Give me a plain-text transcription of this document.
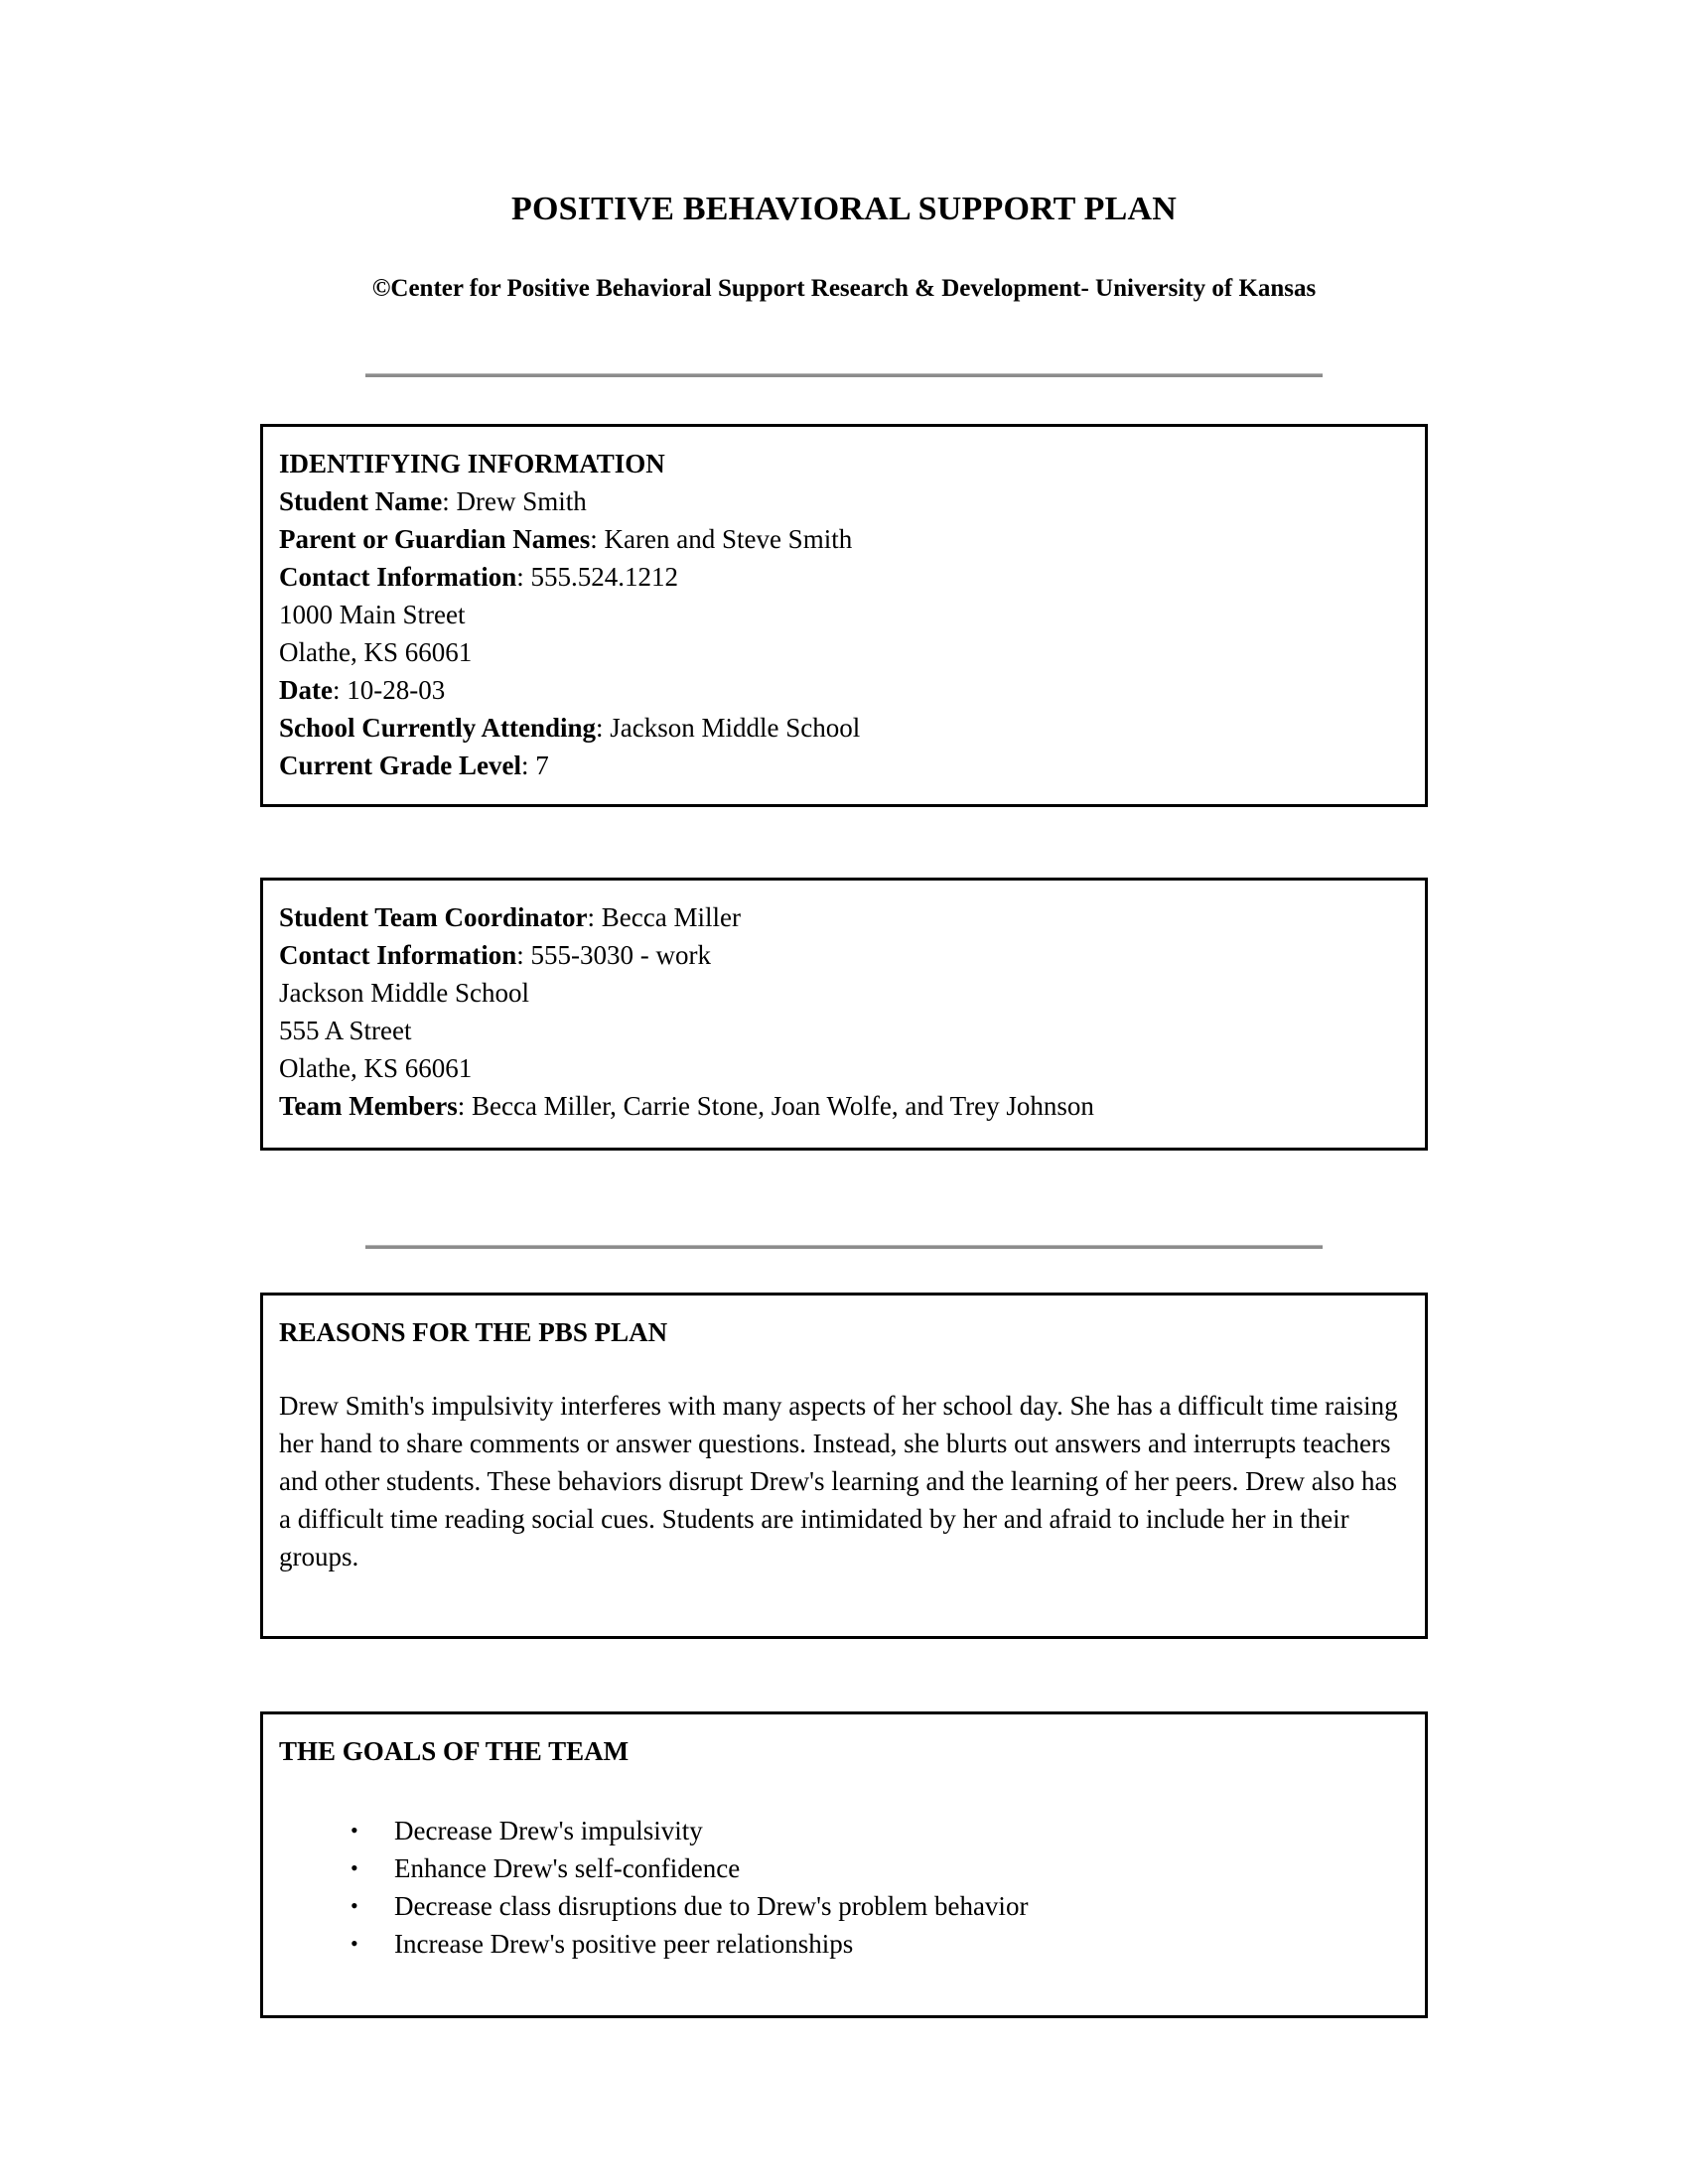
POSITIVE BEHAVIORAL SUPPORT PLAN
©Center for Positive Behavioral Support Research & Development- University of Kansas
IDENTIFYING INFORMATION
Student Name: Drew Smith
Parent or Guardian Names: Karen and Steve Smith
Contact Information: 555.524.1212
1000 Main Street
Olathe, KS 66061
Date: 10-28-03
School Currently Attending: Jackson Middle School
Current Grade Level: 7
Student Team Coordinator: Becca Miller
Contact Information: 555-3030 - work
Jackson Middle School
555 A Street
Olathe, KS 66061
Team Members: Becca Miller, Carrie Stone, Joan Wolfe, and Trey Johnson
REASONS FOR THE PBS PLAN

Drew Smith's impulsivity interferes with many aspects of her school day. She has a difficult time raising her hand to share comments or answer questions. Instead, she blurts out answers and interrupts teachers and other students. These behaviors disrupt Drew's learning and the learning of her peers. Drew also has a difficult time reading social cues. Students are intimidated by her and afraid to include her in their groups.

THE GOALS OF THE TEAM
• Decrease Drew's impulsivity
• Enhance Drew's self-confidence
• Decrease class disruptions due to Drew's problem behavior
• Increase Drew's positive peer relationships
